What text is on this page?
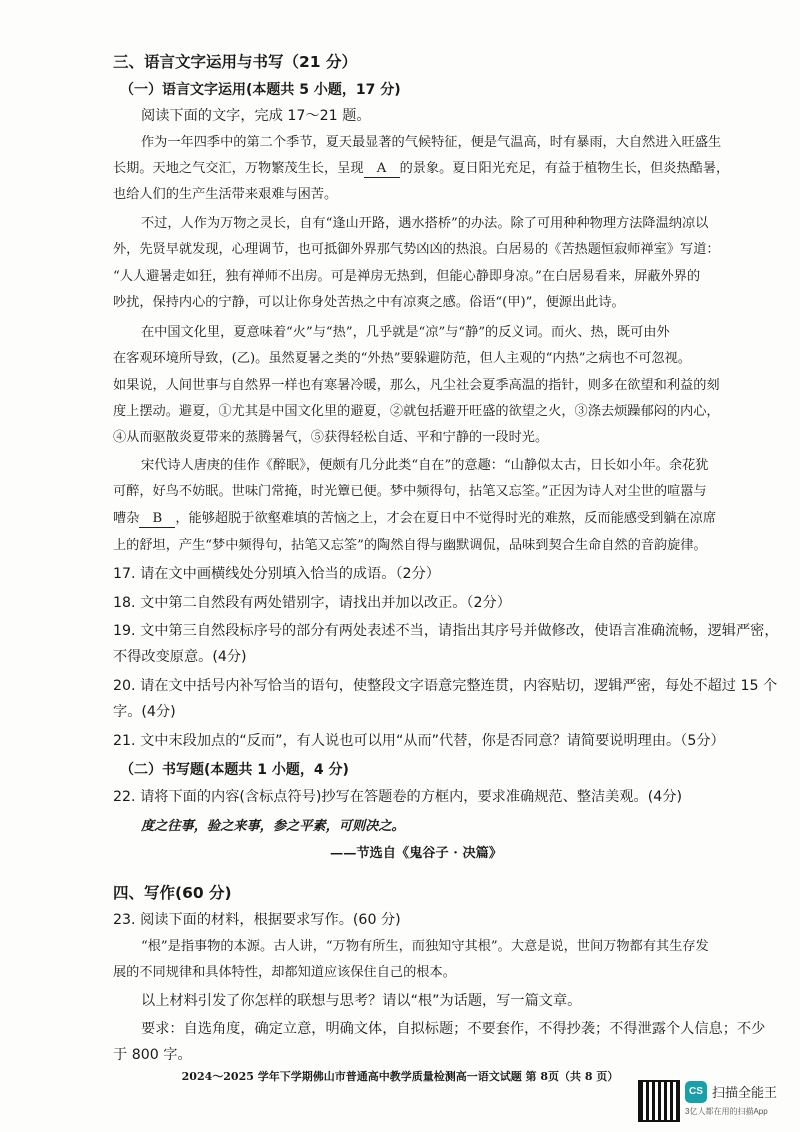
三、语言文字运用与书写（21 分）
（一）语言文字运用(本题共 5 小题，17 分)
阅读下面的文字，完成 17～21 题。
作为一年四季中的第二个季节，夏天最显著的气候特征，便是气温高，时有暴雨，大自然进入旺盛生
长期。天地之气交汇，万物繁茂生长，呈现 A 的景象。夏日阳光充足，有益于植物生长，但炎热酷暑，
也给人们的生产生活带来艰难与困苦。
不过，人作为万物之灵长，自有“逢山开路，遇水搭桥”的办法。除了可用种种物理方法降温纳凉以
外，先贤早就发现，心理调节，也可抵御外界那气势凶凶的热浪。白居易的《苦热题恒寂师禅室》写道：
“人人避暑走如狂，独有禅师不出房。可是禅房无热到，但能心静即身凉。”在白居易看来，屏蔽外界的
吵扰，保持内心的宁静，可以让你身处苦热之中有凉爽之感。俗语“(甲)”，便源出此诗。
在中国文化里，夏意味着“火”与“热”，几乎就是“凉”与“静”的反义词。而火、热，既可由外
在客观环境所导致，(乙)。虽然夏暑之类的“外热”要躲避防范，但人主观的“内热”之病也不可忽视。
如果说，人间世事与自然界一样也有寒暑冷暖，那么，凡尘社会夏季高温的指针，则多在欲望和利益的刻
度上摆动。避夏，①尤其是中国文化里的避夏，②就包括避开旺盛的欲望之火，③涤去烦躁郁闷的内心，
④从而驱散炎夏带来的蒸腾暑气，⑤获得轻松自适、平和宁静的一段时光。
宋代诗人唐庚的佳作《醉眠》，便颇有几分此类“自在”的意趣：“山静似太古，日长如小年。余花犹
可醉，好鸟不妨眠。世味门常掩，时光簟已便。梦中频得句，拈笔又忘筌。”正因为诗人对尘世的喧嚣与
嘈杂 B ，能够超脱于欲壑难填的苦恼之上，才会在夏日中不觉得时光的难熬，反而能感受到躺在凉席
上的舒坦，产生“梦中频得句，拈笔又忘筌”的陶然自得与幽默调侃，品味到契合生命自然的音韵旋律。
17. 请在文中画横线处分别填入恰当的成语。（2分）
18. 文中第二自然段有两处错别字，请找出并加以改正。（2分）
19. 文中第三自然段标序号的部分有两处表述不当，请指出其序号并做修改，使语言准确流畅，逻辑严密，
不得改变原意。(4分)
20. 请在文中括号内补写恰当的语句，使整段文字语意完整连贯，内容贴切，逻辑严密，每处不超过 15 个
字。(4分)
21. 文中末段加点的“反而”，有人说也可以用“从而”代替，你是否同意？请简要说明理由。（5分）
（二）书写题(本题共 1 小题，4 分)
22. 请将下面的内容(含标点符号)抄写在答题卷的方框内，要求准确规范、整洁美观。(4分)
度之往事，验之来事，参之平素，可则决之。
——节选自《鬼谷子 · 决篇》
四、写作(60 分)
23. 阅读下面的材料，根据要求写作。(60 分)
“根”是指事物的本源。古人讲，“万物有所生，而独知守其根”。大意是说，世间万物都有其生存发
展的不同规律和具体特性，却都知道应该保住自己的根本。
以上材料引发了你怎样的联想与思考？请以“根”为话题，写一篇文章。
要求：自选角度，确定立意，明确文体，自拟标题；不要套作，不得抄袭；不得泄露个人信息；不少
于 800 字。
2024～2025 学年下学期佛山市普通高中教学质量检测高一语文试题 第 8页（共 8 页）
CS 扫描全能王
3亿人都在用的扫描App
